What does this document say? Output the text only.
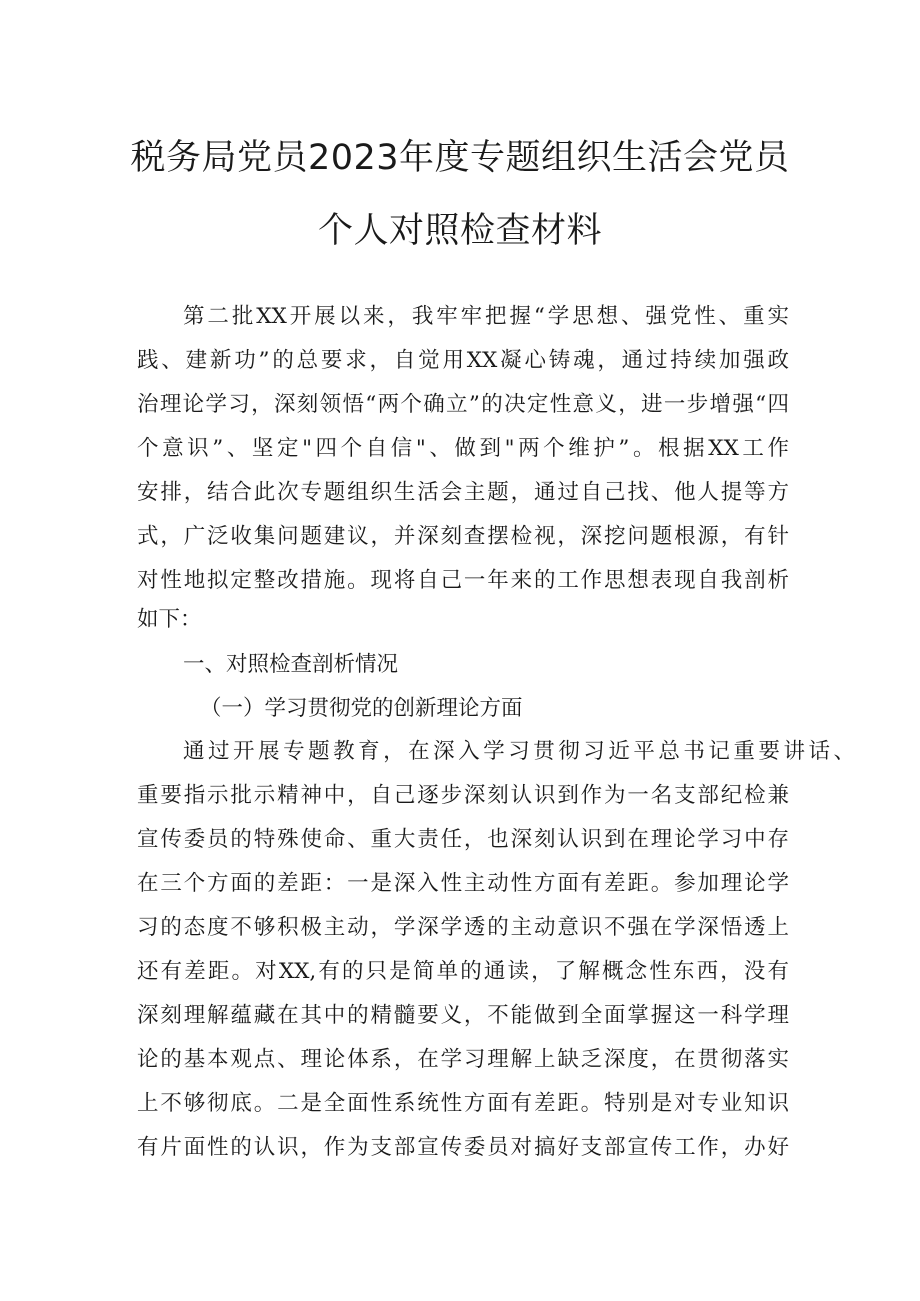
税务局党员2023年度专题组织生活会党员
个人对照检查材料
第二批XX开展以来，我牢牢把握“学思想、强党性、重实
践、建新功”的总要求，自觉用XX凝心铸魂，通过持续加强政
治理论学习，深刻领悟“两个确立”的决定性意义，进一步增强“四
个意识”、坚定"四个自信"、做到"两个维护”。根据XX工作
安排，结合此次专题组织生活会主题，通过自己找、他人提等方
式，广泛收集问题建议，并深刻查摆检视，深挖问题根源，有针
对性地拟定整改措施。现将自己一年来的工作思想表现自我剖析
如下：
一、对照检查剖析情况
（一）学习贯彻党的创新理论方面
通过开展专题教育，在深入学习贯彻习近平总书记重要讲话、
重要指示批示精神中，自己逐步深刻认识到作为一名支部纪检兼
宣传委员的特殊使命、重大责任，也深刻认识到在理论学习中存
在三个方面的差距：一是深入性主动性方面有差距。参加理论学
习的态度不够积极主动，学深学透的主动意识不强在学深悟透上
还有差距。对XX,有的只是简单的通读，了解概念性东西，没有
深刻理解蕴藏在其中的精髓要义，不能做到全面掌握这一科学理
论的基本观点、理论体系，在学习理解上缺乏深度，在贯彻落实
上不够彻底。二是全面性系统性方面有差距。特别是对专业知识
有片面性的认识，作为支部宣传委员对搞好支部宣传工作，办好
